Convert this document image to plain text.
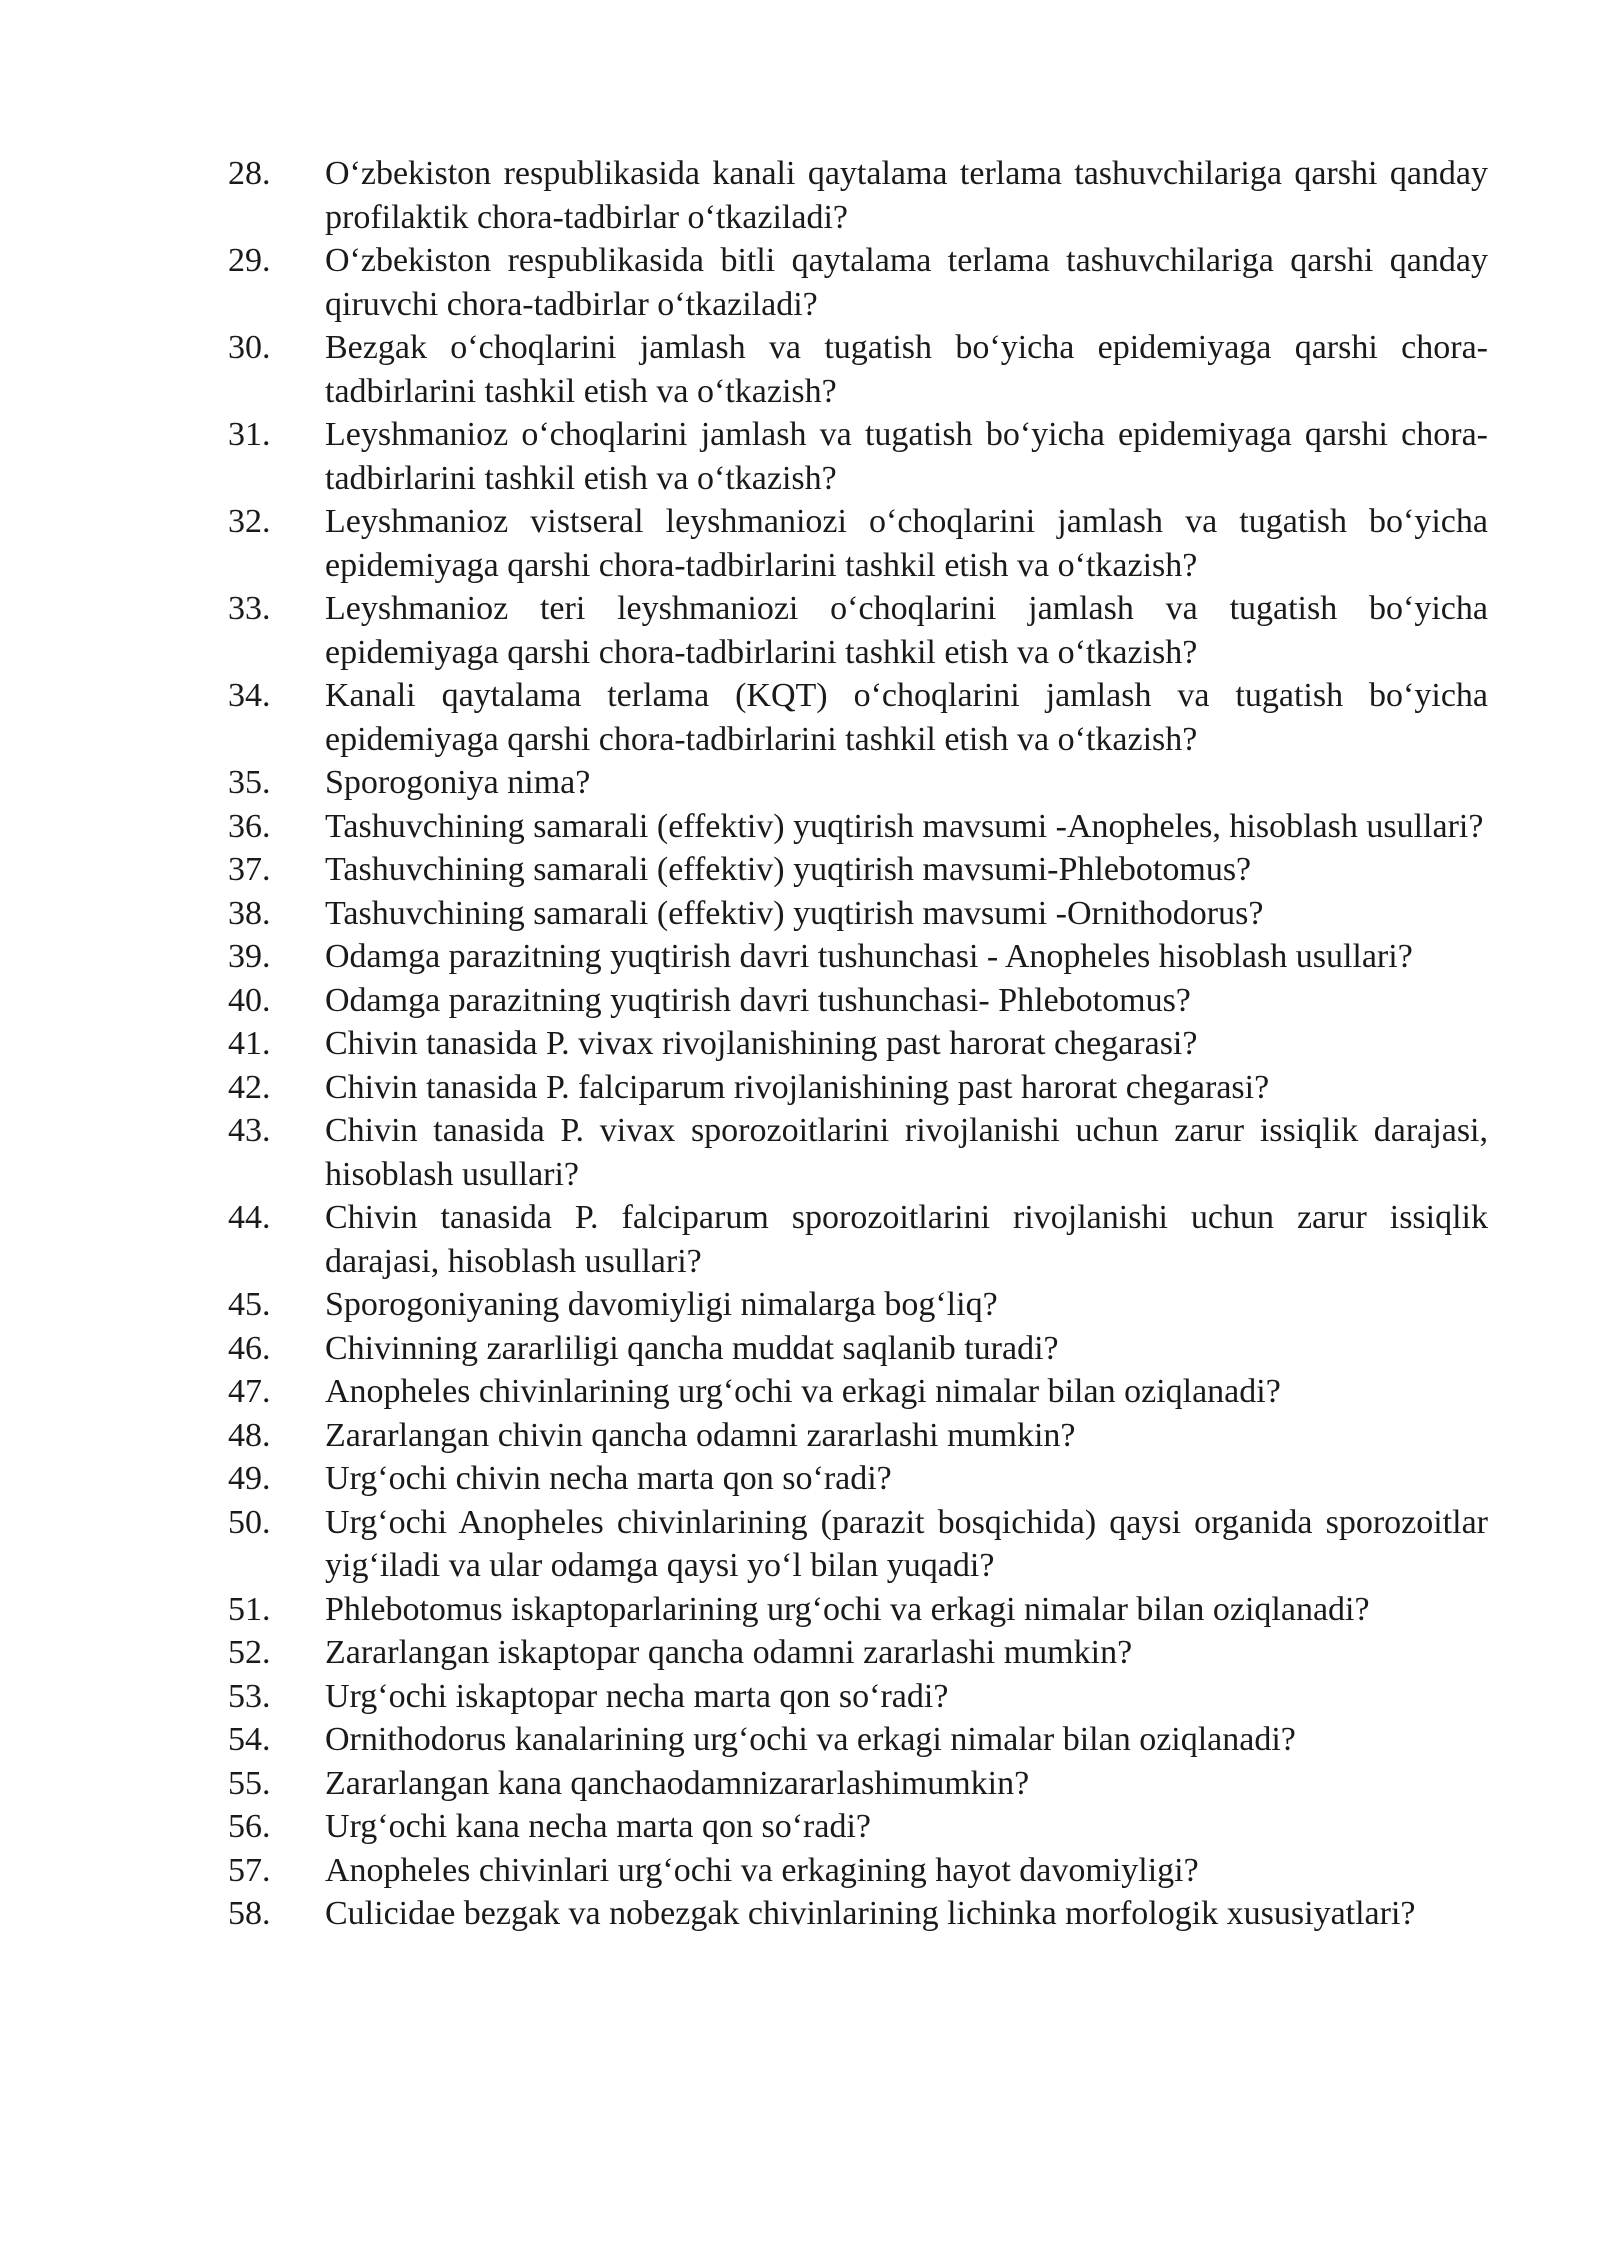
28.	O‘zbekiston respublikasida kanali qaytalama terlama tashuvchilariga qarshi qanday profilaktik chora-tadbirlar o‘tkaziladi?
29.	O‘zbekiston respublikasida bitli qaytalama terlama tashuvchilariga qarshi qanday qiruvchi chora-tadbirlar o‘tkaziladi?
30.	Bezgak o‘choqlarini jamlash va tugatish bo‘yicha epidemiyaga qarshi chora-tadbirlarini tashkil etish va o‘tkazish?
31.	Leyshmanioz o‘choqlarini jamlash va tugatish bo‘yicha epidemiyaga qarshi chora-tadbirlarini tashkil etish va o‘tkazish?
32.	Leyshmanioz vistseral leyshmaniozi o‘choqlarini jamlash va tugatish bo‘yicha epidemiyaga qarshi chora-tadbirlarini tashkil etish va o‘tkazish?
33.	Leyshmanioz teri leyshmaniozi o‘choqlarini jamlash va tugatish bo‘yicha epidemiyaga qarshi chora-tadbirlarini tashkil etish va o‘tkazish?
34.	Kanali qaytalama terlama (KQT) o‘choqlarini jamlash va tugatish bo‘yicha epidemiyaga qarshi chora-tadbirlarini tashkil etish va o‘tkazish?
35.	Sporogoniya nima?
36.	Tashuvchining samarali (effektiv) yuqtirish mavsumi -Anopheles, hisoblash usullari?
37.	Tashuvchining samarali (effektiv) yuqtirish mavsumi-Phlebotomus?
38.	Tashuvchining samarali (effektiv) yuqtirish mavsumi -Ornithodorus?
39.	Odamga parazitning yuqtirish davri tushunchasi - Anopheles hisoblash usullari?
40.	Odamga parazitning yuqtirish davri tushunchasi- Phlebotomus?
41.	Chivin tanasida P. vivax rivojlanishining past harorat chegarasi?
42.	Chivin tanasida P. falciparum rivojlanishining past harorat chegarasi?
43.	Chivin tanasida P. vivax sporozoitlarini rivojlanishi uchun zarur issiqlik darajasi, hisoblash usullari?
44.	Chivin tanasida P. falciparum sporozoitlarini rivojlanishi uchun zarur issiqlik darajasi, hisoblash usullari?
45.	Sporogoniyaning davomiyligi nimalarga bog‘liq?
46.	Chivinning zararliligi qancha muddat saqlanib turadi?
47.	Anopheles chivinlarining urg‘ochi va erkagi nimalar bilan oziqlanadi?
48.	Zararlangan chivin qancha odamni zararlashi mumkin?
49.	Urg‘ochi chivin necha marta qon so‘radi?
50.	Urg‘ochi Anopheles chivinlarining (parazit bosqichida) qaysi organida sporozoitlar yig‘iladi va ular odamga qaysi yo‘l bilan yuqadi?
51.	Phlebotomus iskaptoparlarining urg‘ochi va erkagi nimalar bilan oziqlanadi?
52.	Zararlangan iskaptopar qancha odamni zararlashi mumkin?
53.	Urg‘ochi iskaptopar necha marta qon so‘radi?
54.	Ornithodorus kanalarining urg‘ochi va erkagi nimalar bilan oziqlanadi?
55.	Zararlangan kana qanchaodamnizararlashimumkin?
56.	Urg‘ochi kana necha marta qon so‘radi?
57.	Anopheles chivinlari urg‘ochi va erkagining hayot davomiyligi?
58.	Culicidae bezgak va nobezgak chivinlarining lichinka morfologik xususiyatlari?
